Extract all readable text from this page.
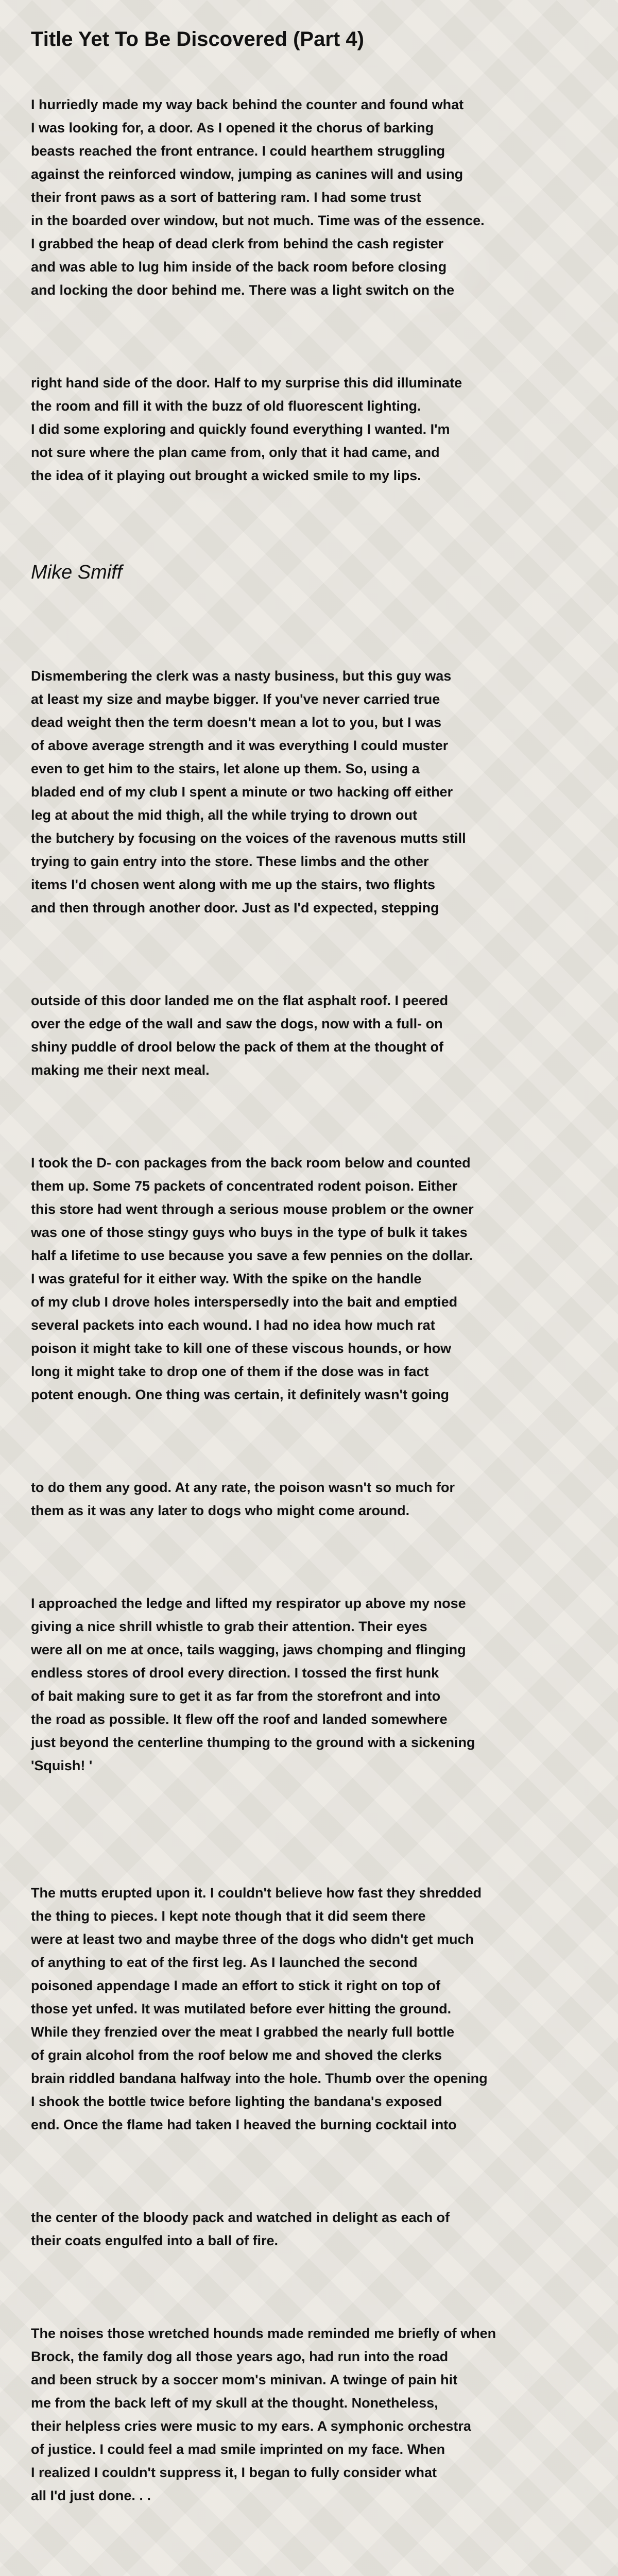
Title Yet To Be Discovered (Part 4)

I hurriedly made my way back behind the counter and found what
I was looking for, a door. As I opened it the chorus of barking
beasts reached the front entrance. I could hearthem struggling
against the reinforced window, jumping as canines will and using
their front paws as a sort of battering ram. I had some trust
in the boarded over window, but not much. Time was of the essence.
I grabbed the heap of dead clerk from behind the cash register
and was able to lug him inside of the back room before closing
and locking the door behind me. There was a light switch on the

right hand side of the door. Half to my surprise this did illuminate
the room and fill it with the buzz of old fluorescent lighting.
I did some exploring and quickly found everything I wanted. I'm
not sure where the plan came from, only that it had came, and
the idea of it playing out brought a wicked smile to my lips.

Mike Smiff

Dismembering the clerk was a nasty business, but this guy was
at least my size and maybe bigger. If you've never carried true
dead weight then the term doesn't mean a lot to you, but I was
of above average strength and it was everything I could muster
even to get him to the stairs, let alone up them. So, using a
bladed end of my club I spent a minute or two hacking off either
leg at about the mid thigh, all the while trying to drown out
the butchery by focusing on the voices of the ravenous mutts still
trying to gain entry into the store. These limbs and the other
items I'd chosen went along with me up the stairs, two flights
and then through another door. Just as I'd expected, stepping

outside of this door landed me on the flat asphalt roof. I peered
over the edge of the wall and saw the dogs, now with a full- on
shiny puddle of drool below the pack of them at the thought of
making me their next meal.

I took the D- con packages from the back room below and counted
them up. Some 75 packets of concentrated rodent poison. Either
this store had went through a serious mouse problem or the owner
was one of those stingy guys who buys in the type of bulk it takes
half a lifetime to use because you save a few pennies on the dollar.
I was grateful for it either way. With the spike on the handle
of my club I drove holes interspersedly into the bait and emptied
several packets into each wound. I had no idea how much rat
poison it might take to kill one of these viscous hounds, or how
long it might take to drop one of them if the dose was in fact
potent enough. One thing was certain, it definitely wasn't going

to do them any good. At any rate, the poison wasn't so much for
them as it was any later to dogs who might come around.

I approached the ledge and lifted my respirator up above my nose
giving a nice shrill whistle to grab their attention. Their eyes
were all on me at once, tails wagging, jaws chomping and flinging
endless stores of drool every direction. I tossed the first hunk
of bait making sure to get it as far from the storefront and into
the road as possible. It flew off the roof and landed somewhere
just beyond the centerline thumping to the ground with a sickening
'Squish! '

The mutts erupted upon it. I couldn't believe how fast they shredded
the thing to pieces. I kept note though that it did seem there
were at least two and maybe three of the dogs who didn't get much
of anything to eat of the first leg. As I launched the second
poisoned appendage I made an effort to stick it right on top of
those yet unfed. It was mutilated before ever hitting the ground.
While they frenzied over the meat I grabbed the nearly full bottle
of grain alcohol from the roof below me and shoved the clerks
brain riddled bandana halfway into the hole. Thumb over the opening
I shook the bottle twice before lighting the bandana's exposed
end. Once the flame had taken I heaved the burning cocktail into

the center of the bloody pack and watched in delight as each of
their coats engulfed into a ball of fire.

The noises those wretched hounds made reminded me briefly of when
Brock, the family dog all those years ago, had run into the road
and been struck by a soccer mom's minivan. A twinge of pain hit
me from the back left of my skull at the thought. Nonetheless,
their helpless cries were music to my ears. A symphonic orchestra
of justice. I could feel a mad smile imprinted on my face. When
I realized I couldn't suppress it, I began to fully consider what
all I'd just done. . .
